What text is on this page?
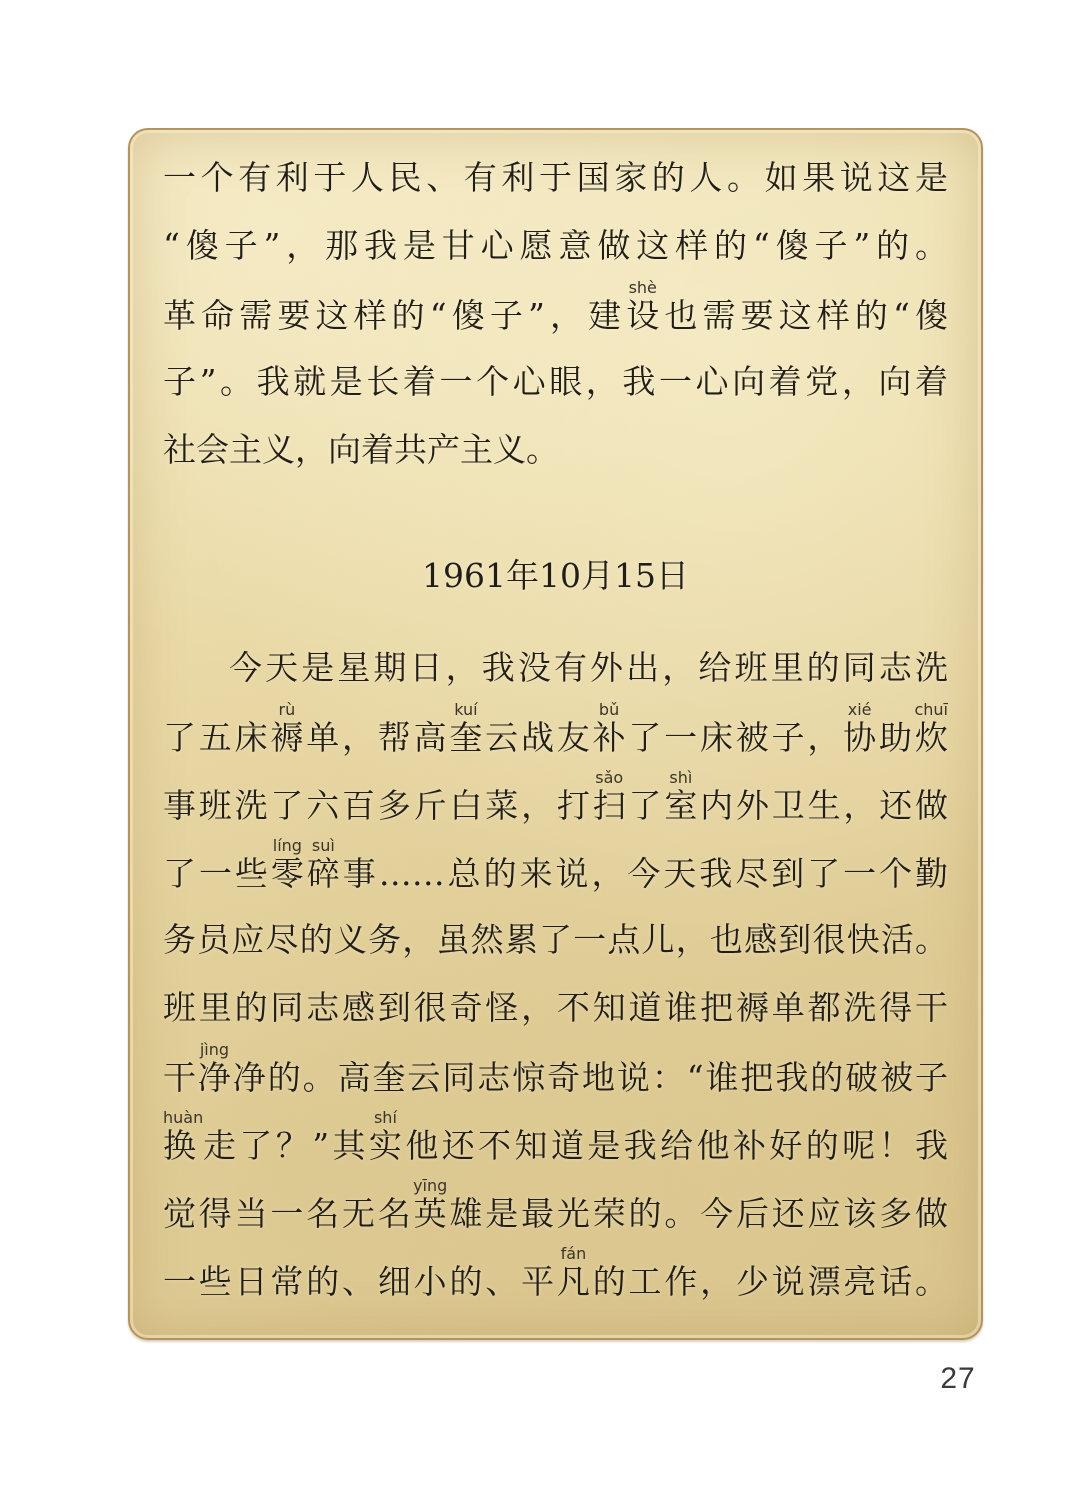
一个有利于人民、有利于国家的人。如果说这是
“傻子”，那我是甘心愿意做这样的“傻子”的。
革命需要这样的“傻子”，建设shè也需要这样的“傻
子”。我就是长着一个心眼，我一心向着党，向着
社会主义，向着共产主义。
1961年10月15日
今天是星期日，我没有外出，给班里的同志洗
了五床褥rù单，帮高奎kuí云战友补bǔ了一床被子，协xié助炊chuī
事班洗了六百多斤白菜，打扫sǎo了室shì内外卫生，还做
了一些零líng碎suì事……总的来说，今天我尽到了一个勤
务员应尽的义务，虽然累了一点儿，也感到很快活。
班里的同志感到很奇怪，不知道谁把褥单都洗得干
干净jìng净的。高奎云同志惊奇地说：“谁把我的破被子
换huàn走了？”其实shí他还不知道是我给他补好的呢！我
觉得当一名无名英yīng雄是最光荣的。今后还应该多做
一些日常的、细小的、平凡fán的工作，少说漂亮话。
27
